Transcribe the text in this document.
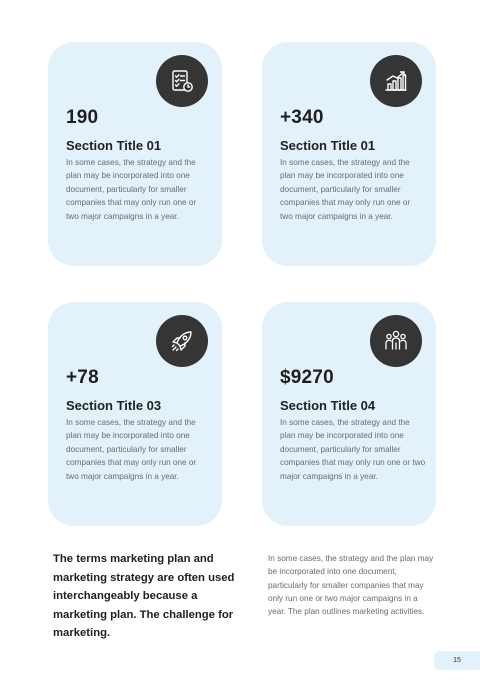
190
Section Title 01
In some cases, the strategy and the plan may be incorporated into one document, particularly for smaller companies that may only run one or two major campaigns in a year.
+340
Section Title 01
In some cases, the strategy and the plan may be incorporated into one document, particularly for smaller companies that may only run one or two major campaigns in a year.
+78
Section Title 03
In some cases, the strategy and the plan may be incorporated into one document, particularly for smaller companies that may only run one or two major campaigns in a year.
$9270
Section Title 04
In some cases, the strategy and the plan may be incorporated into one document, particularly for smaller companies that may only run one or two major campaigns in a year.
The terms marketing plan and marketing strategy are often used interchangeably because a marketing plan. The challenge for marketing.
In some cases, the strategy and the plan may be incorporated into one document, particularly for smaller companies that may only run one or two major campaigns in a year. The plan outlines marketing activities.
15
